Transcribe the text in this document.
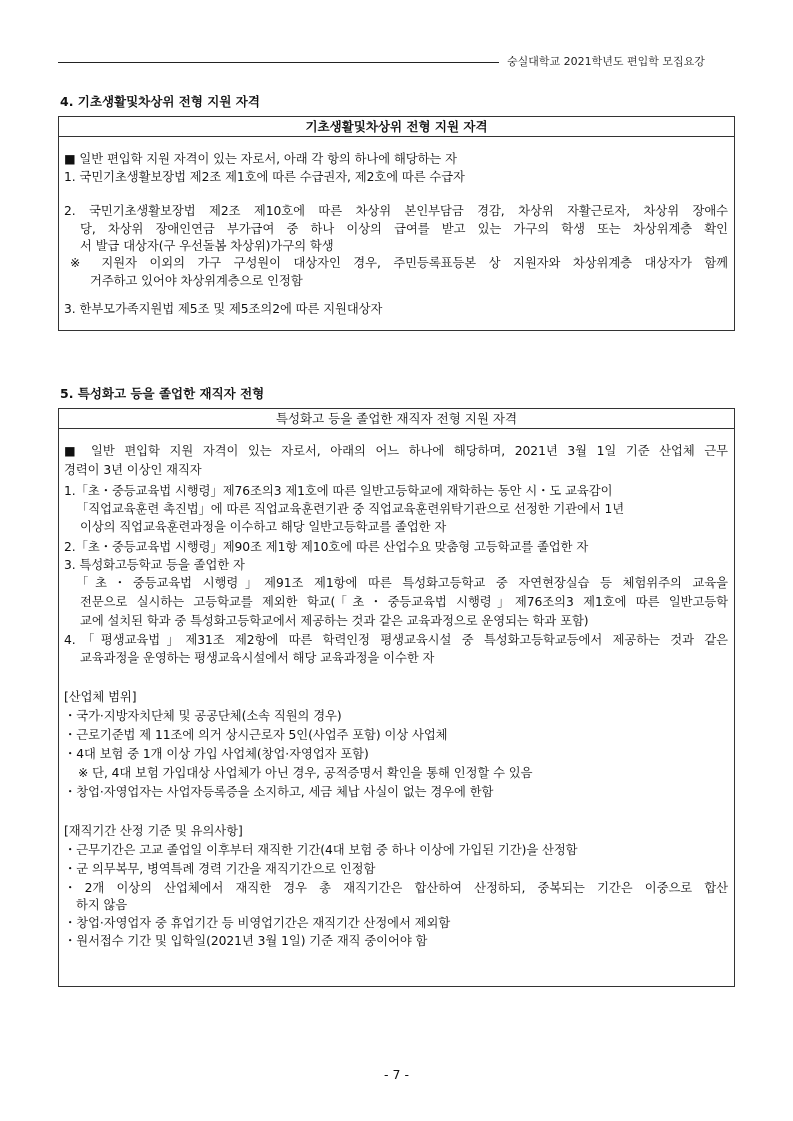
숭실대학교 2021학년도 편입학 모집요강
4. 기초생활및차상위 전형 지원 자격
기초생활및차상위 전형 지원 자격
■ 일반 편입학 지원 자격이 있는 자로서, 아래 각 항의 하나에 해당하는 자
1. 국민기초생활보장법 제2조 제1호에 따른 수급권자, 제2호에 따른 수급자
2. 국민기초생활보장법 제2조 제10호에 따른 차상위 본인부담금 경감, 차상위 자활근로자, 차상위 장애수
당, 차상위 장애인연금 부가급여 중 하나 이상의 급여를 받고 있는 가구의 학생 또는 차상위계층 확인
서 발급 대상자(구 우선돌봄 차상위)가구의 학생
※ 지원자 이외의 가구 구성원이 대상자인 경우, 주민등록표등본 상 지원자와 차상위계층 대상자가 함께
거주하고 있어야 차상위계층으로 인정함
3. 한부모가족지원법 제5조 및 제5조의2에 따른 지원대상자
5. 특성화고 등을 졸업한 재직자 전형
특성화고 등을 졸업한 재직자 전형 지원 자격
■ 일반 편입학 지원 자격이 있는 자로서, 아래의 어느 하나에 해당하며, 2021년 3월 1일 기준 산업체 근무
경력이 3년 이상인 재직자
1.「초・중등교육법 시행령」제76조의3 제1호에 따른 일반고등학교에 재학하는 동안 시・도 교육감이
「직업교육훈련 촉진법」에 따른 직업교육훈련기관 중 직업교육훈련위탁기관으로 선정한 기관에서 1년
이상의 직업교육훈련과정을 이수하고 해당 일반고등학교를 졸업한 자
2.「초・중등교육법 시행령」제90조 제1항 제10호에 따른 산업수요 맞춤형 고등학교를 졸업한 자
3. 특성화고등학교 등을 졸업한 자
「초・중등교육법 시행령」제91조 제1항에 따른 특성화고등학교 중 자연현장실습 등 체험위주의 교육을
전문으로 실시하는 고등학교를 제외한 학교(「초・중등교육법 시행령」제76조의3 제1호에 따른 일반고등학
교에 설치된 학과 중 특성화고등학교에서 제공하는 것과 같은 교육과정으로 운영되는 학과 포함)
4.「평생교육법」제31조 제2항에 따른 학력인정 평생교육시설 중 특성화고등학교등에서 제공하는 것과 같은
교육과정을 운영하는 평생교육시설에서 해당 교육과정을 이수한 자
[산업체 범위]
・국가·지방자치단체 및 공공단체(소속 직원의 경우)
・근로기준법 제 11조에 의거 상시근로자 5인(사업주 포함) 이상 사업체
・4대 보험 중 1개 이상 가입 사업체(창업·자영업자 포함)
※ 단, 4대 보험 가입대상 사업체가 아닌 경우, 공적증명서 확인을 통해 인정할 수 있음
・창업·자영업자는 사업자등록증을 소지하고, 세금 체납 사실이 없는 경우에 한함
[재직기간 산정 기준 및 유의사항]
・근무기간은 고교 졸업일 이후부터 재직한 기간(4대 보험 중 하나 이상에 가입된 기간)을 산정함
・군 의무복무, 병역특례 경력 기간을 재직기간으로 인정함
・2개 이상의 산업체에서 재직한 경우 총 재직기간은 합산하여 산정하되, 중복되는 기간은 이중으로 합산
하지 않음
・창업·자영업자 중 휴업기간 등 비영업기간은 재직기간 산정에서 제외함
・원서접수 기간 및 입학일(2021년 3월 1일) 기준 재직 중이어야 함
- 7 -
